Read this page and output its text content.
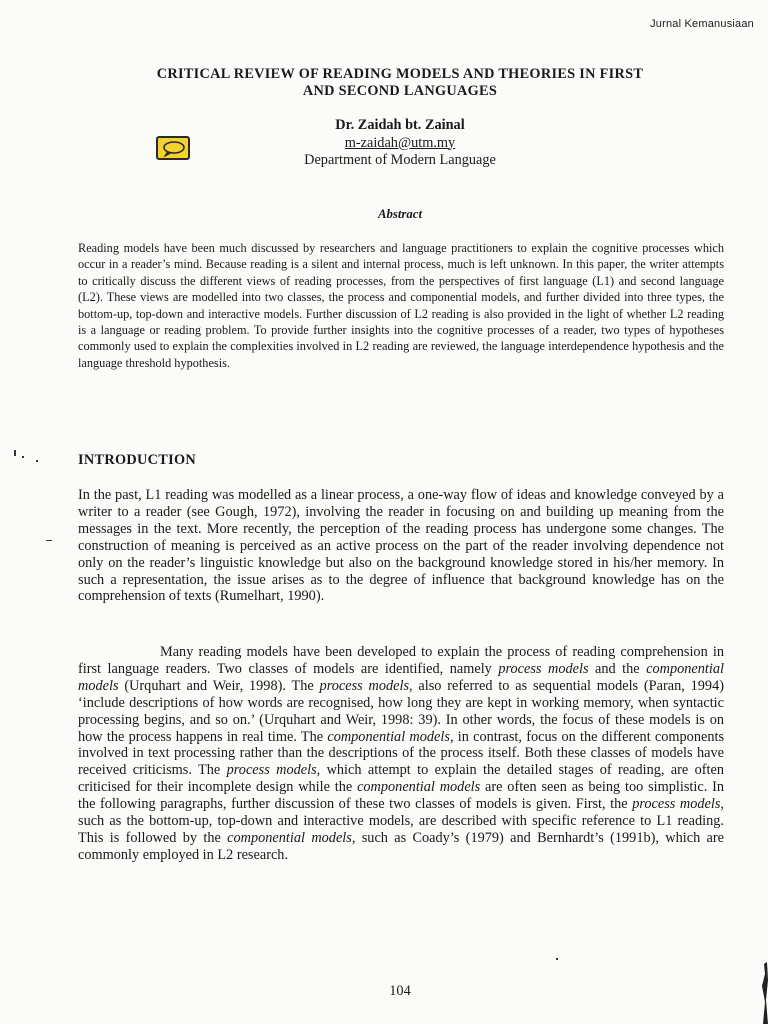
Jurnal Kemanusiaan
CRITICAL REVIEW OF READING MODELS AND THEORIES IN FIRST
AND SECOND LANGUAGES
Dr. Zaidah bt. Zainal
m-zaidah@utm.my
Department of Modern Language
Abstract
Reading models have been much discussed by researchers and language practitioners to explain the cognitive processes which occur in a reader’s mind. Because reading is a silent and internal process, much is left unknown. In this paper, the writer attempts to critically discuss the different views of reading processes, from the perspectives of first language (L1) and second language (L2). These views are modelled into two classes, the process and componential models, and further divided into three types, the bottom-up, top-down and interactive models. Further discussion of L2 reading is also provided in the light of whether L2 reading is a language or reading problem. To provide further insights into the cognitive processes of a reader, two types of hypotheses commonly used to explain the complexities involved in L2 reading are reviewed, the language interdependence hypothesis and the language threshold hypothesis.
INTRODUCTION
In the past, L1 reading was modelled as a linear process, a one-way flow of ideas and knowledge conveyed by a writer to a reader (see Gough, 1972), involving the reader in focusing on and building up meaning from the messages in the text. More recently, the perception of the reading process has undergone some changes. The construction of meaning is perceived as an active process on the part of the reader involving dependence not only on the reader’s linguistic knowledge but also on the background knowledge stored in his/her memory. In such a representation, the issue arises as to the degree of influence that background knowledge has on the comprehension of texts (Rumelhart, 1990).
Many reading models have been developed to explain the process of reading comprehension in first language readers. Two classes of models are identified, namely process models and the componential models (Urquhart and Weir, 1998). The process models, also referred to as sequential models (Paran, 1994) ‘include descriptions of how words are recognised, how long they are kept in working memory, when syntactic processing begins, and so on.’ (Urquhart and Weir, 1998: 39). In other words, the focus of these models is on how the process happens in real time. The componential models, in contrast, focus on the different components involved in text processing rather than the descriptions of the process itself. Both these classes of models have received criticisms. The process models, which attempt to explain the detailed stages of reading, are often criticised for their incomplete design while the componential models are often seen as being too simplistic. In the following paragraphs, further discussion of these two classes of models is given. First, the process models, such as the bottom-up, top-down and interactive models, are described with specific reference to L1 reading. This is followed by the componential models, such as Coady’s (1979) and Bernhardt’s (1991b), which are commonly employed in L2 research.
104
